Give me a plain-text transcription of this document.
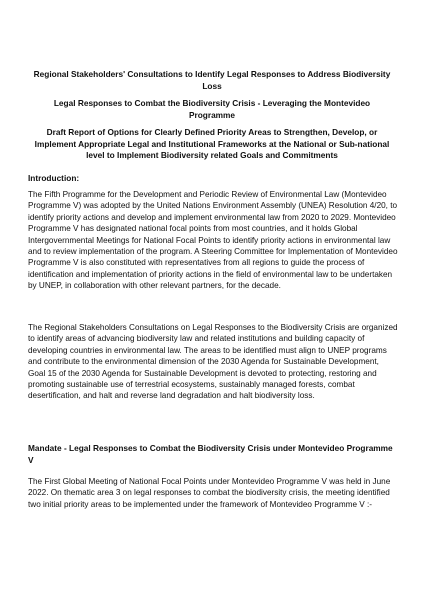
Regional Stakeholders' Consultations to Identify Legal Responses to Address Biodiversity Loss
Legal Responses to Combat the Biodiversity Crisis - Leveraging the Montevideo Programme
Draft Report of Options for Clearly Defined Priority Areas to Strengthen, Develop, or Implement Appropriate Legal and Institutional Frameworks at the National or Sub-national level to Implement Biodiversity related Goals and Commitments
Introduction:
The Fifth Programme for the Development and Periodic Review of Environmental Law (Montevideo Programme V) was adopted by the United Nations Environment Assembly (UNEA) Resolution 4/20, to identify priority actions and develop and implement environmental law from 2020 to 2029. Montevideo Programme V has designated national focal points from most countries, and it holds Global Intergovernmental Meetings for National Focal Points to identify priority actions in environmental law and to review implementation of the program. A Steering Committee for Implementation of Montevideo Programme V is also constituted with representatives from all regions to guide the process of identification and implementation of priority actions in the field of environmental law to be undertaken by UNEP, in collaboration with other relevant partners, for the decade.
The Regional Stakeholders Consultations on Legal Responses to the Biodiversity Crisis are organized to identify areas of advancing biodiversity law and related institutions and building capacity of developing countries in environmental law. The areas to be identified must align to UNEP programs and contribute to the environmental dimension of the 2030 Agenda for Sustainable Development, Goal 15 of the 2030 Agenda for Sustainable Development is devoted to protecting, restoring and promoting sustainable use of terrestrial ecosystems, sustainably managed forests, combat desertification, and halt and reverse land degradation and halt biodiversity loss.
Mandate - Legal Responses to Combat the Biodiversity Crisis under Montevideo Programme V
The First Global Meeting of National Focal Points under Montevideo Programme V was held in June 2022. On thematic area 3 on legal responses to combat the biodiversity crisis, the meeting identified two initial priority areas to be implemented under the framework of Montevideo Programme V :-
